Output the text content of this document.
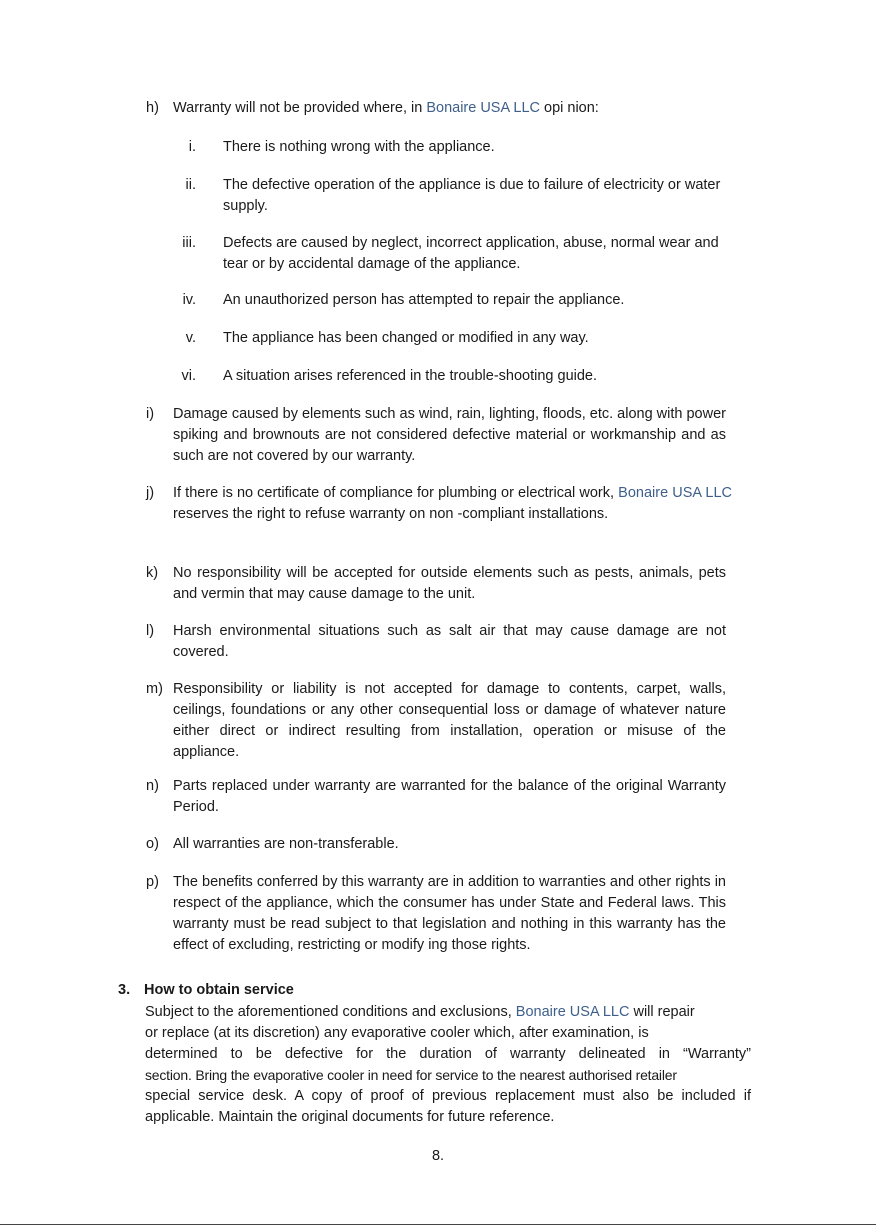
h) Warranty will not be provided where, in Bonaire USA LLC opi nion:
i. There is nothing wrong with the appliance.
ii. The defective operation of the appliance is due to failure of electricity or water supply.
iii. Defects are caused by neglect, incorrect application, abuse, normal wear and tear or by accidental damage of the appliance.
iv. An unauthorized person has attempted to repair the appliance.
v. The appliance has been changed or modified in any way.
vi. A situation arises referenced in the trouble-shooting guide.
i)	Damage caused by elements such as wind, rain, lighting, floods, etc. along with power spiking and brownouts are not considered defective material or workmanship and as such are not covered by our warranty.
j)	If there is no certificate of compliance for plumbing or electrical work, Bonaire USA LLC reserves the right to refuse warranty on non -compliant installations.
k)	No responsibility will be accepted for outside elements such as pests, animals, pets and vermin that may cause damage to the unit.
l)	Harsh environmental situations such as salt air that may cause damage are not covered.
m) Responsibility or liability is not accepted for damage to contents, carpet, walls, ceilings, foundations or any other consequential loss or damage of whatever nature either direct or indirect resulting from installation, operation or misuse of the appliance.
n) Parts replaced under warranty are warranted for the balance of the original Warranty Period.
o) All warranties are non-transferable.
p) The benefits conferred by this warranty are in addition to warranties and other rights in respect of the appliance, which the consumer has under State and Federal laws. This warranty must be read subject to that legislation and nothing in this warranty has the effect of excluding, restricting or modify ing those rights.
3. How to obtain service
Subject to the aforementioned conditions and exclusions, Bonaire USA LLC will repair
or replace (at its discretion) any evaporative cooler which, after examination, is
determined to be defective for the duration of warranty delineated in “Warranty”
section. Bring the evaporative cooler in need for service to the nearest authorised retailer
special service desk. A copy of proof of previous replacement must also be included if
applicable. Maintain the original documents for future reference.
8.
